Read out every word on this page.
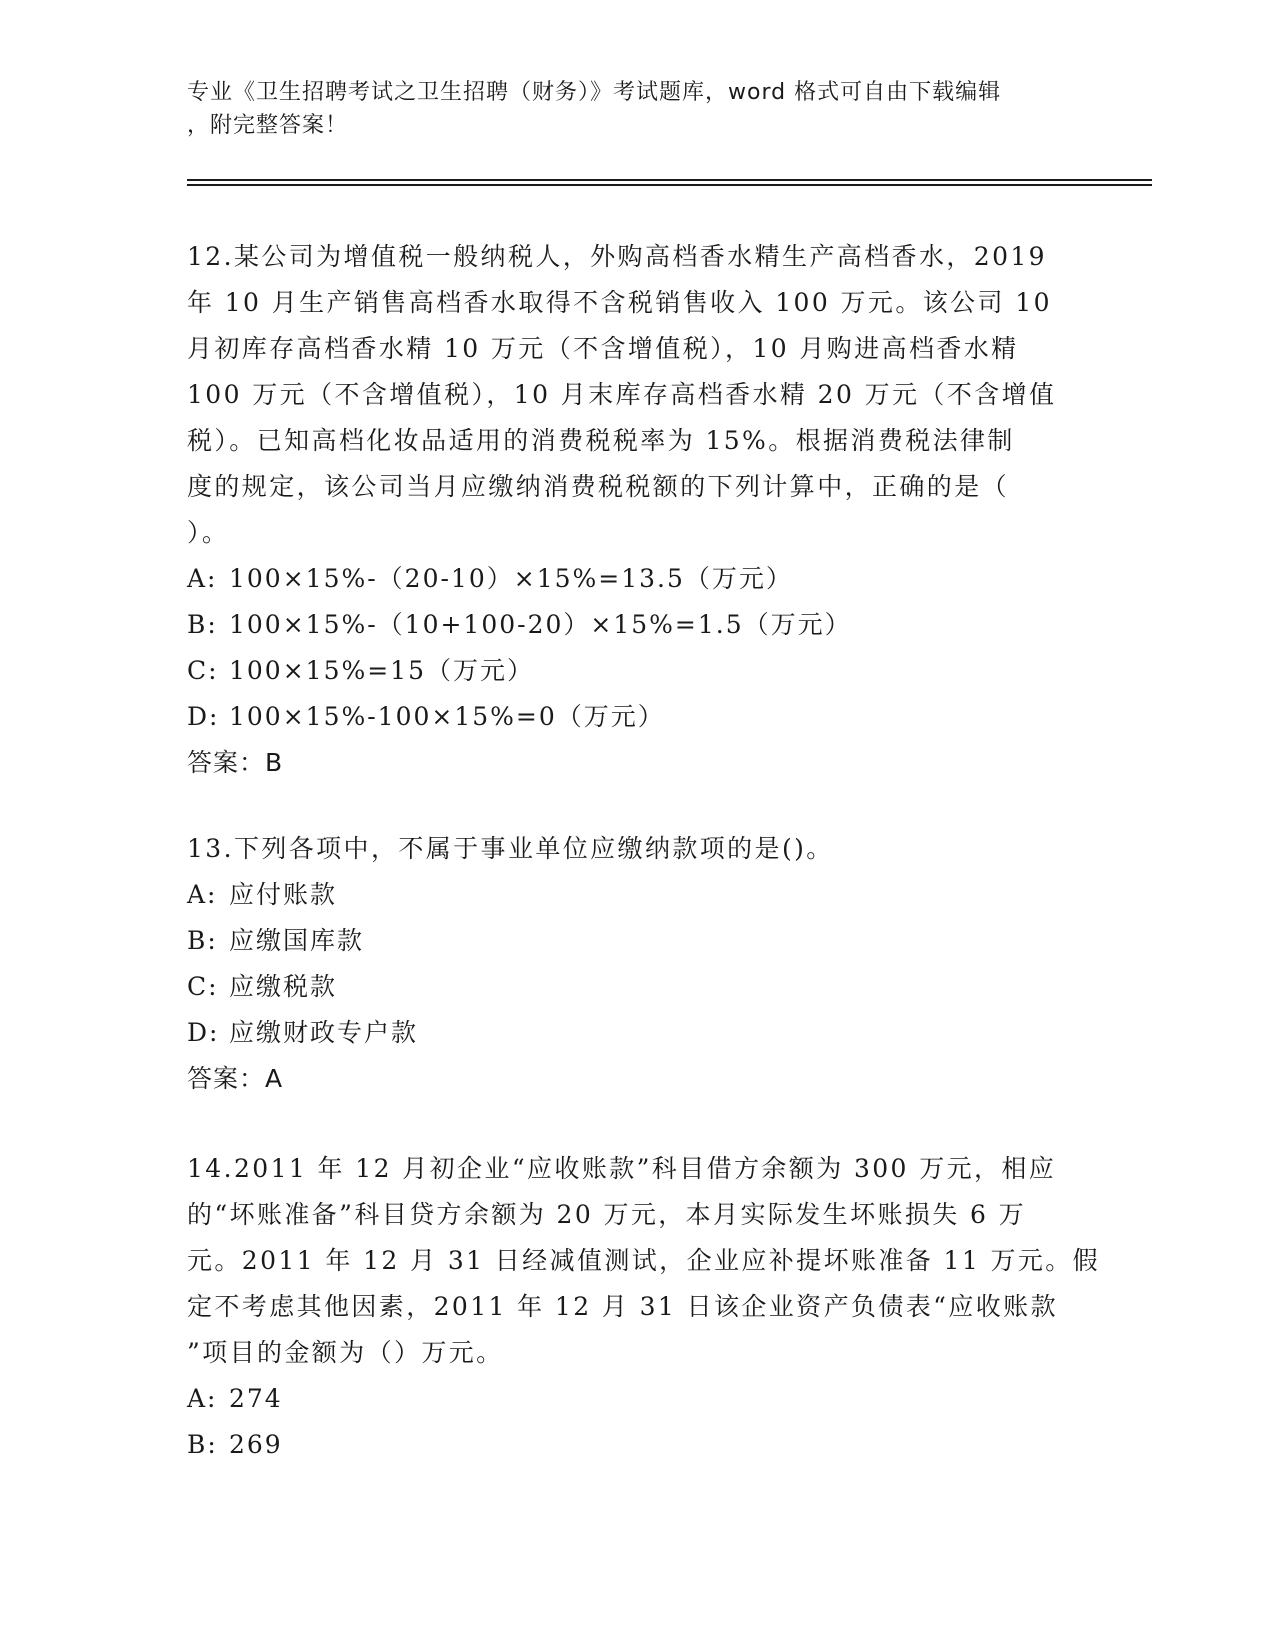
专业《卫生招聘考试之卫生招聘（财务）》考试题库，word 格式可自由下载编辑
，附完整答案！
12.某公司为增值税一般纳税人，外购高档香水精生产高档香水，2019
年 10 月生产销售高档香水取得不含税销售收入 100 万元。该公司 10
月初库存高档香水精 10 万元（不含增值税），10 月购进高档香水精
100 万元（不含增值税），10 月末库存高档香水精 20 万元（不含增值
税）。已知高档化妆品适用的消费税税率为 15%。根据消费税法律制
度的规定，该公司当月应缴纳消费税税额的下列计算中，正确的是（
）。
A: 100×15%-（20-10）×15%=13.5（万元）
B: 100×15%-（10+100-20）×15%=1.5（万元）
C: 100×15%=15（万元）
D: 100×15%-100×15%=0（万元）
答案：B
13.下列各项中，不属于事业单位应缴纳款项的是()。
A: 应付账款
B: 应缴国库款
C: 应缴税款
D: 应缴财政专户款
答案：A
14.2011 年 12 月初企业“应收账款”科目借方余额为 300 万元，相应
的“坏账准备”科目贷方余额为 20 万元，本月实际发生坏账损失 6 万
元。2011 年 12 月 31 日经减值测试，企业应补提坏账准备 11 万元。假
定不考虑其他因素，2011 年 12 月 31 日该企业资产负债表“应收账款
”项目的金额为（）万元。
A: 274
B: 269
